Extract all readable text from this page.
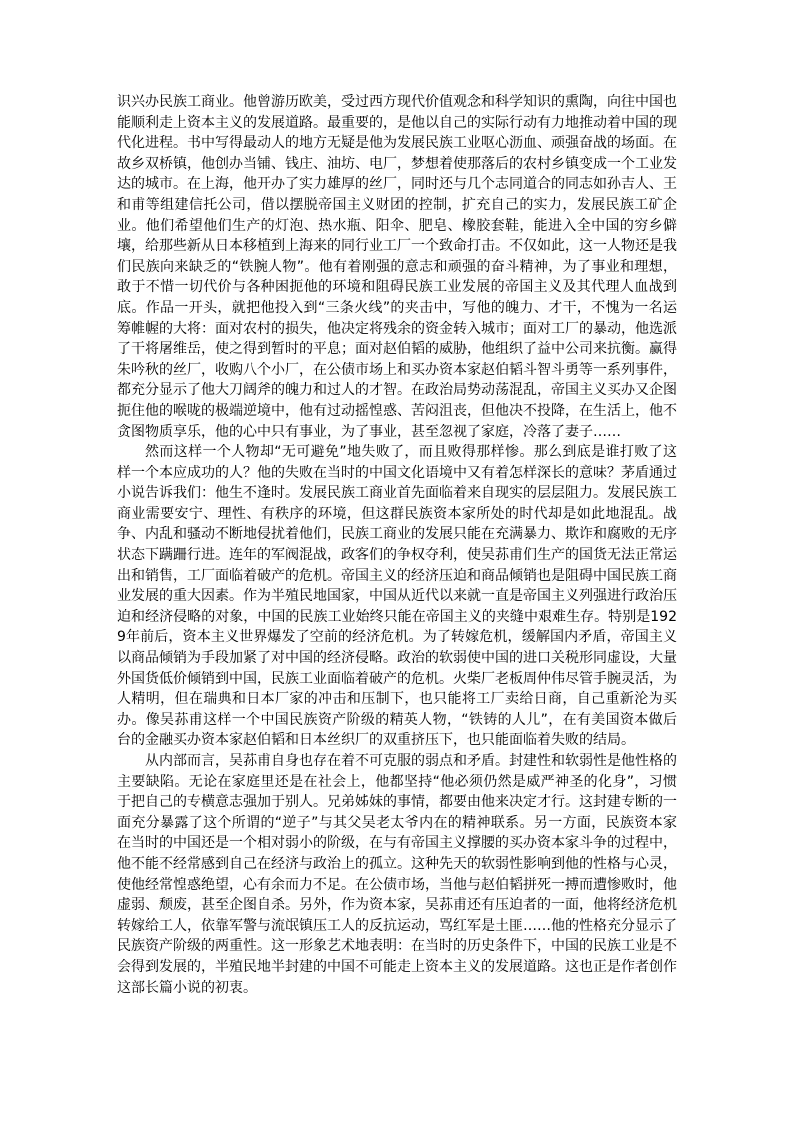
识兴办民族工商业。他曾游历欧美，受过西方现代价值观念和科学知识的熏陶，向往中国也能顺利走上资本主义的发展道路。最重要的，是他以自己的实际行动有力地推动着中国的现代化进程。书中写得最动人的地方无疑是他为发展民族工业呕心沥血、顽强奋战的场面。在故乡双桥镇，他创办当铺、钱庄、油坊、电厂，梦想着使那落后的农村乡镇变成一个工业发达的城市。在上海，他开办了实力雄厚的丝厂，同时还与几个志同道合的同志如孙吉人、王和甫等组建信托公司，借以摆脱帝国主义财团的控制，扩充自己的实力，发展民族工矿企业。他们希望他们生产的灯泡、热水瓶、阳伞、肥皂、橡胶套鞋，能进入全中国的穷乡僻壤，给那些新从日本移植到上海来的同行业工厂一个致命打击。不仅如此，这一人物还是我们民族向来缺乏的“铁腕人物”。他有着刚强的意志和顽强的奋斗精神，为了事业和理想，敢于不惜一切代价与各种困扼他的环境和阻碍民族工业发展的帝国主义及其代理人血战到底。作品一开头，就把他投入到“三条火线”的夹击中，写他的魄力、才干，不愧为一名运筹帷幄的大将：面对农村的损失，他决定将残余的资金转入城市；面对工厂的暴动，他选派了干将屠维岳，使之得到暂时的平息；面对赵伯韬的威胁，他组织了益中公司来抗衡。赢得朱吟秋的丝厂，收购八个小厂，在公债市场上和买办资本家赵伯韬斗智斗勇等一系列事件，都充分显示了他大刀阔斧的魄力和过人的才智。在政治局势动荡混乱，帝国主义买办又企图扼住他的喉咙的极端逆境中，他有过动摇惶惑、苦闷沮丧，但他决不投降，在生活上，他不贪图物质享乐，他的心中只有事业，为了事业，甚至忽视了家庭，冷落了妻子……

然而这样一个人物却“无可避免”地失败了，而且败得那样惨。那么到底是谁打败了这样一个本应成功的人？他的失败在当时的中国文化语境中又有着怎样深长的意味？茅盾通过小说告诉我们：他生不逢时。发展民族工商业首先面临着来自现实的层层阻力。发展民族工商业需要安宁、理性、有秩序的环境，但这群民族资本家所处的时代却是如此地混乱。战争、内乱和骚动不断地侵扰着他们，民族工商业的发展只能在充满暴力、欺诈和腐败的无序状态下蹒跚行进。连年的军阀混战，政客们的争权夺利，使吴荪甫们生产的国货无法正常运出和销售，工厂面临着破产的危机。帝国主义的经济压迫和商品倾销也是阻碍中国民族工商业发展的重大因素。作为半殖民地国家，中国从近代以来就一直是帝国主义列强进行政治压迫和经济侵略的对象，中国的民族工业始终只能在帝国主义的夹缝中艰难生存。特别是1929年前后，资本主义世界爆发了空前的经济危机。为了转嫁危机，缓解国内矛盾，帝国主义以商品倾销为手段加紧了对中国的经济侵略。政治的软弱使中国的进口关税形同虚设，大量外国货低价倾销到中国，民族工业面临着破产的危机。火柴厂老板周仲伟尽管手腕灵活，为人精明，但在瑞典和日本厂家的冲击和压制下，也只能将工厂卖给日商，自己重新沦为买办。像吴荪甫这样一个中国民族资产阶级的精英人物，“铁铸的人儿”，在有美国资本做后台的金融买办资本家赵伯韬和日本丝织厂的双重挤压下，也只能面临着失败的结局。

从内部而言，吴荪甫自身也存在着不可克服的弱点和矛盾。封建性和软弱性是他性格的主要缺陷。无论在家庭里还是在社会上，他都坚持“他必须仍然是威严神圣的化身”，习惯于把自己的专横意志强加于别人。兄弟姊妹的事情，都要由他来决定才行。这封建专断的一面充分暴露了这个所谓的“逆子”与其父吴老太爷内在的精神联系。另一方面，民族资本家在当时的中国还是一个相对弱小的阶级，在与有帝国主义撑腰的买办资本家斗争的过程中，他不能不经常感到自己在经济与政治上的孤立。这种先天的软弱性影响到他的性格与心灵，使他经常惶惑绝望，心有余而力不足。在公债市场，当他与赵伯韬拼死一搏而遭惨败时，他虚弱、颓废，甚至企图自杀。另外，作为资本家，吴荪甫还有压迫者的一面，他将经济危机转嫁给工人，依靠军警与流氓镇压工人的反抗运动，骂红军是土匪……他的性格充分显示了民族资产阶级的两重性。这一形象艺术地表明：在当时的历史条件下，中国的民族工业是不会得到发展的，半殖民地半封建的中国不可能走上资本主义的发展道路。这也正是作者创作这部长篇小说的初衷。
